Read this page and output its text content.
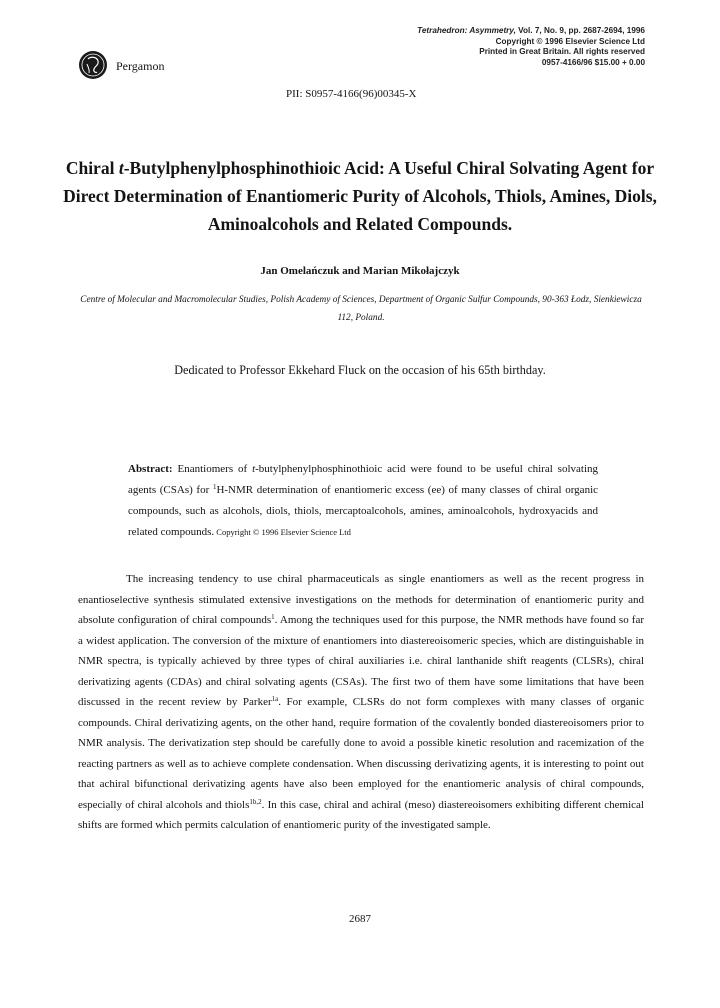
Pergamon
Tetrahedron: Asymmetry, Vol. 7, No. 9, pp. 2687-2694, 1996
Copyright © 1996 Elsevier Science Ltd
Printed in Great Britain. All rights reserved
0957-4166/96 $15.00 + 0.00
PII: S0957-4166(96)00345-X
Chiral t-Butylphenylphosphinothioic Acid: A Useful Chiral Solvating Agent for Direct Determination of Enantiomeric Purity of Alcohols, Thiols, Amines, Diols, Aminoalcohols and Related Compounds.
Jan Omelańczuk and Marian Mikołajczyk
Centre of Molecular and Macromolecular Studies, Polish Academy of Sciences, Department of Organic Sulfur Compounds, 90-363 Łodz, Sienkiewicza 112, Poland.
Dedicated to Professor Ekkehard Fluck on the occasion of his 65th birthday.
Abstract: Enantiomers of t-butylphenylphosphinothioic acid were found to be useful chiral solvating agents (CSAs) for $^1$H-NMR determination of enantiomeric excess (ee) of many classes of chiral organic compounds, such as alcohols, diols, thiols, mercaptoalcohols, amines, aminoalcohols, hydroxyacids and related compounds. Copyright © 1996 Elsevier Science Ltd
The increasing tendency to use chiral pharmaceuticals as single enantiomers as well as the recent progress in enantioselective synthesis stimulated extensive investigations on the methods for determination of enantiomeric purity and absolute configuration of chiral compounds$^1$. Among the techniques used for this purpose, the NMR methods have found so far a widest application. The conversion of the mixture of enantiomers into diastereoisomeric species, which are distinguishable in NMR spectra, is typically achieved by three types of chiral auxiliaries i.e. chiral lanthanide shift reagents (CLSRs), chiral derivatizing agents (CDAs) and chiral solvating agents (CSAs). The first two of them have some limitations that have been discussed in the recent review by Parker$^{1a}$. For example, CLSRs do not form complexes with many classes of organic compounds. Chiral derivatizing agents, on the other hand, require formation of the covalently bonded diastereoisomers prior to NMR analysis. The derivatization step should be carefully done to avoid a possible kinetic resolution and racemization of the reacting partners as well as to achieve complete condensation. When discussing derivatizing agents, it is interesting to point out that achiral bifunctional derivatizing agents have also been employed for the enantiomeric analysis of chiral compounds, especially of chiral alcohols and thiols$^{1b,2}$. In this case, chiral and achiral (meso) diastereoisomers exhibiting different chemical shifts are formed which permits calculation of enantiomeric purity of the investigated sample.
2687
